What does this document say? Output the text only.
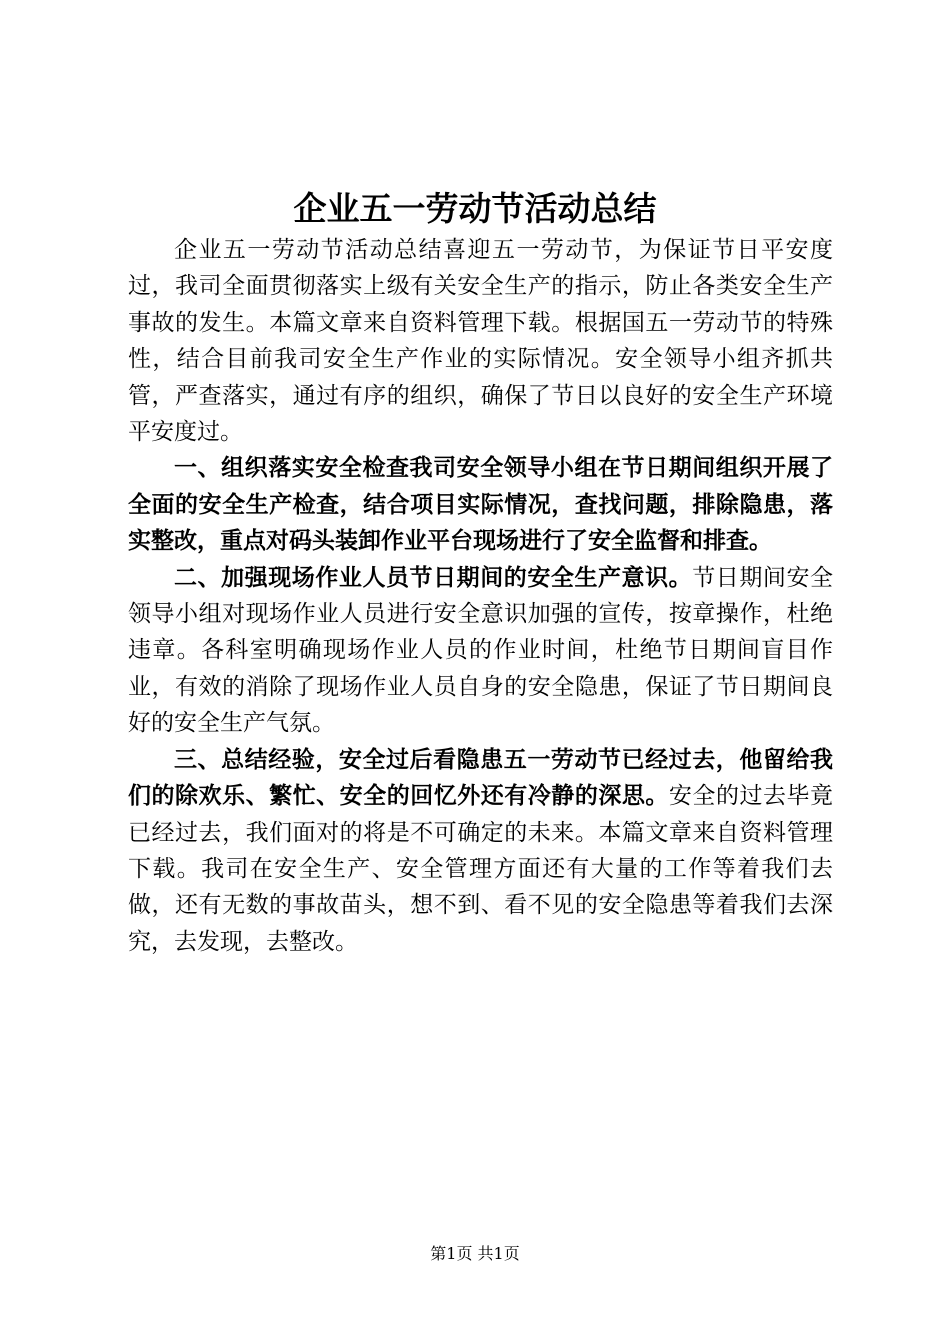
企业五一劳动节活动总结

企业五一劳动节活动总结喜迎五一劳动节，为保证节日平安度过，我司全面贯彻落实上级有关安全生产的指示，防止各类安全生产事故的发生。本篇文章来自资料管理下载。根据国五一劳动节的特殊性，结合目前我司安全生产作业的实际情况。安全领导小组齐抓共管，严查落实，通过有序的组织，确保了节日以良好的安全生产环境平安度过。

一、组织落实安全检查我司安全领导小组在节日期间组织开展了全面的安全生产检查，结合项目实际情况，查找问题，排除隐患，落实整改，重点对码头装卸作业平台现场进行了安全监督和排查。

二、加强现场作业人员节日期间的安全生产意识。节日期间安全领导小组对现场作业人员进行安全意识加强的宣传，按章操作，杜绝违章。各科室明确现场作业人员的作业时间，杜绝节日期间盲目作业，有效的消除了现场作业人员自身的安全隐患，保证了节日期间良好的安全生产气氛。

三、总结经验，安全过后看隐患五一劳动节已经过去，他留给我们的除欢乐、繁忙、安全的回忆外还有冷静的深思。安全的过去毕竟已经过去，我们面对的将是不可确定的未来。本篇文章来自资料管理下载。我司在安全生产、安全管理方面还有大量的工作等着我们去做，还有无数的事故苗头，想不到、看不见的安全隐患等着我们去深究，去发现，去整改。

第1页 共1页
